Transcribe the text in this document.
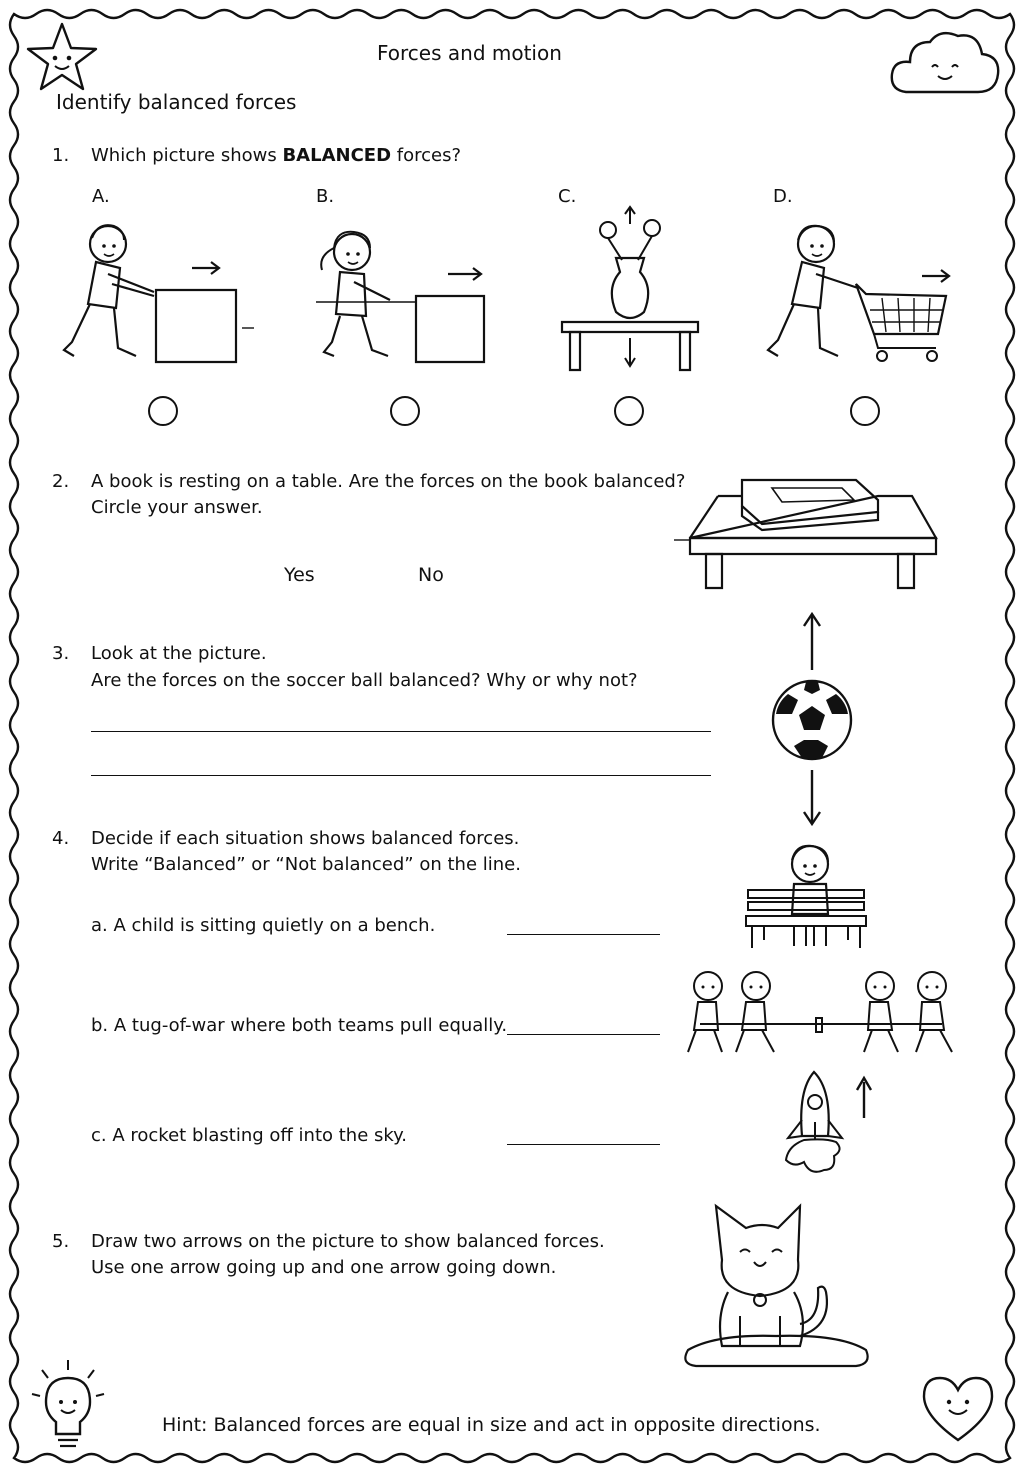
Forces and motion
Identify balanced forces
1. Which picture shows BALANCED forces?
A.	B.	C.	D.
2. A book is resting on a table. Are the forces on the book balanced?
Circle your answer.
Yes	No
3. Look at the picture.
Are the forces on the soccer ball balanced? Why or why not?
4. Decide if each situation shows balanced forces.
Write “Balanced” or “Not balanced” on the line.
a. A child is sitting quietly on a bench.
b. A tug-of-war where both teams pull equally.
c. A rocket blasting off into the sky.
5. Draw two arrows on the picture to show balanced forces.
Use one arrow going up and one arrow going down.
Hint: Balanced forces are equal in size and act in opposite directions.
